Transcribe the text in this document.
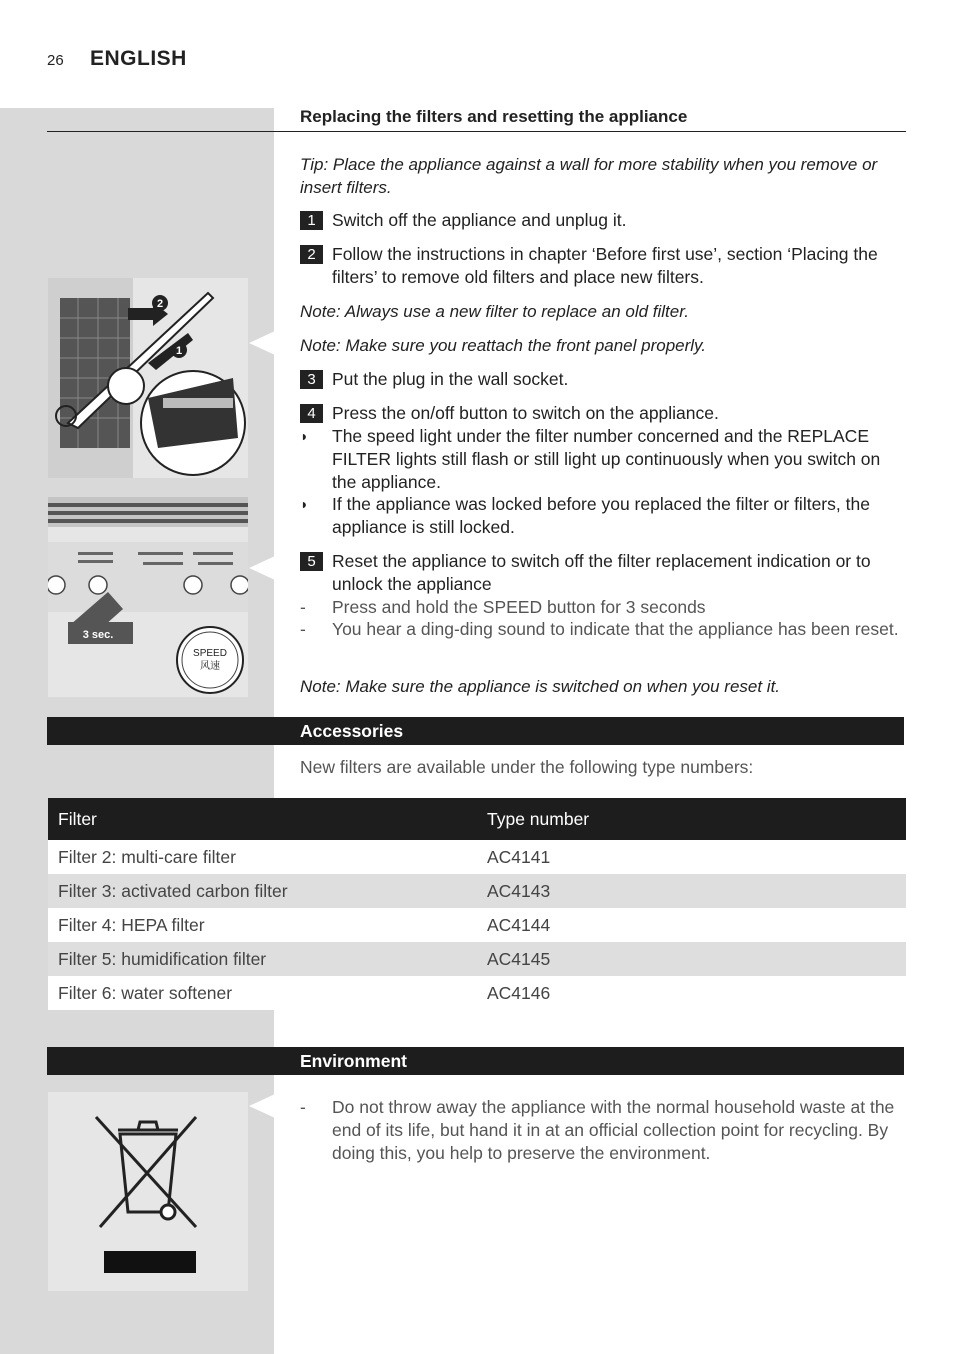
26 ENGLISH
Replacing the filters and resetting the appliance
Tip: Place the appliance against a wall for more stability when you remove or insert filters.
1 Switch off the appliance and unplug it.
2 Follow the instructions in chapter ‘Before first use’, section ‘Placing the filters’ to remove old filters and place new filters.
Note: Always use a new filter to replace an old filter.
Note: Make sure you reattach the front panel properly.
3 Put the plug in the wall socket.
4 Press the on/off button to switch on the appliance.
◗ The speed light under the filter number concerned and the REPLACE FILTER lights still flash or still light up continuously when you switch on the appliance.
◗ If the appliance was locked before you replaced the filter or filters, the appliance is still locked.
5 Reset the appliance to switch off the filter replacement indication or to unlock the appliance
- Press and hold the SPEED button for 3 seconds
- You hear a ding-ding sound to indicate that the appliance has been reset.
Note: Make sure the appliance is switched on when you reset it.
2
1
3 sec.
SPEED
风速
Accessories
New filters are available under the following type numbers:
Filter	Type number
Filter 2: multi-care filter	AC4141
Filter 3: activated carbon filter	AC4143
Filter 4: HEPA filter	AC4144
Filter 5: humidification filter	AC4145
Filter 6: water softener	AC4146
Environment
- Do not throw away the appliance with the normal household waste at the end of its life, but hand it in at an official collection point for recycling. By doing this, you help to preserve the environment.
